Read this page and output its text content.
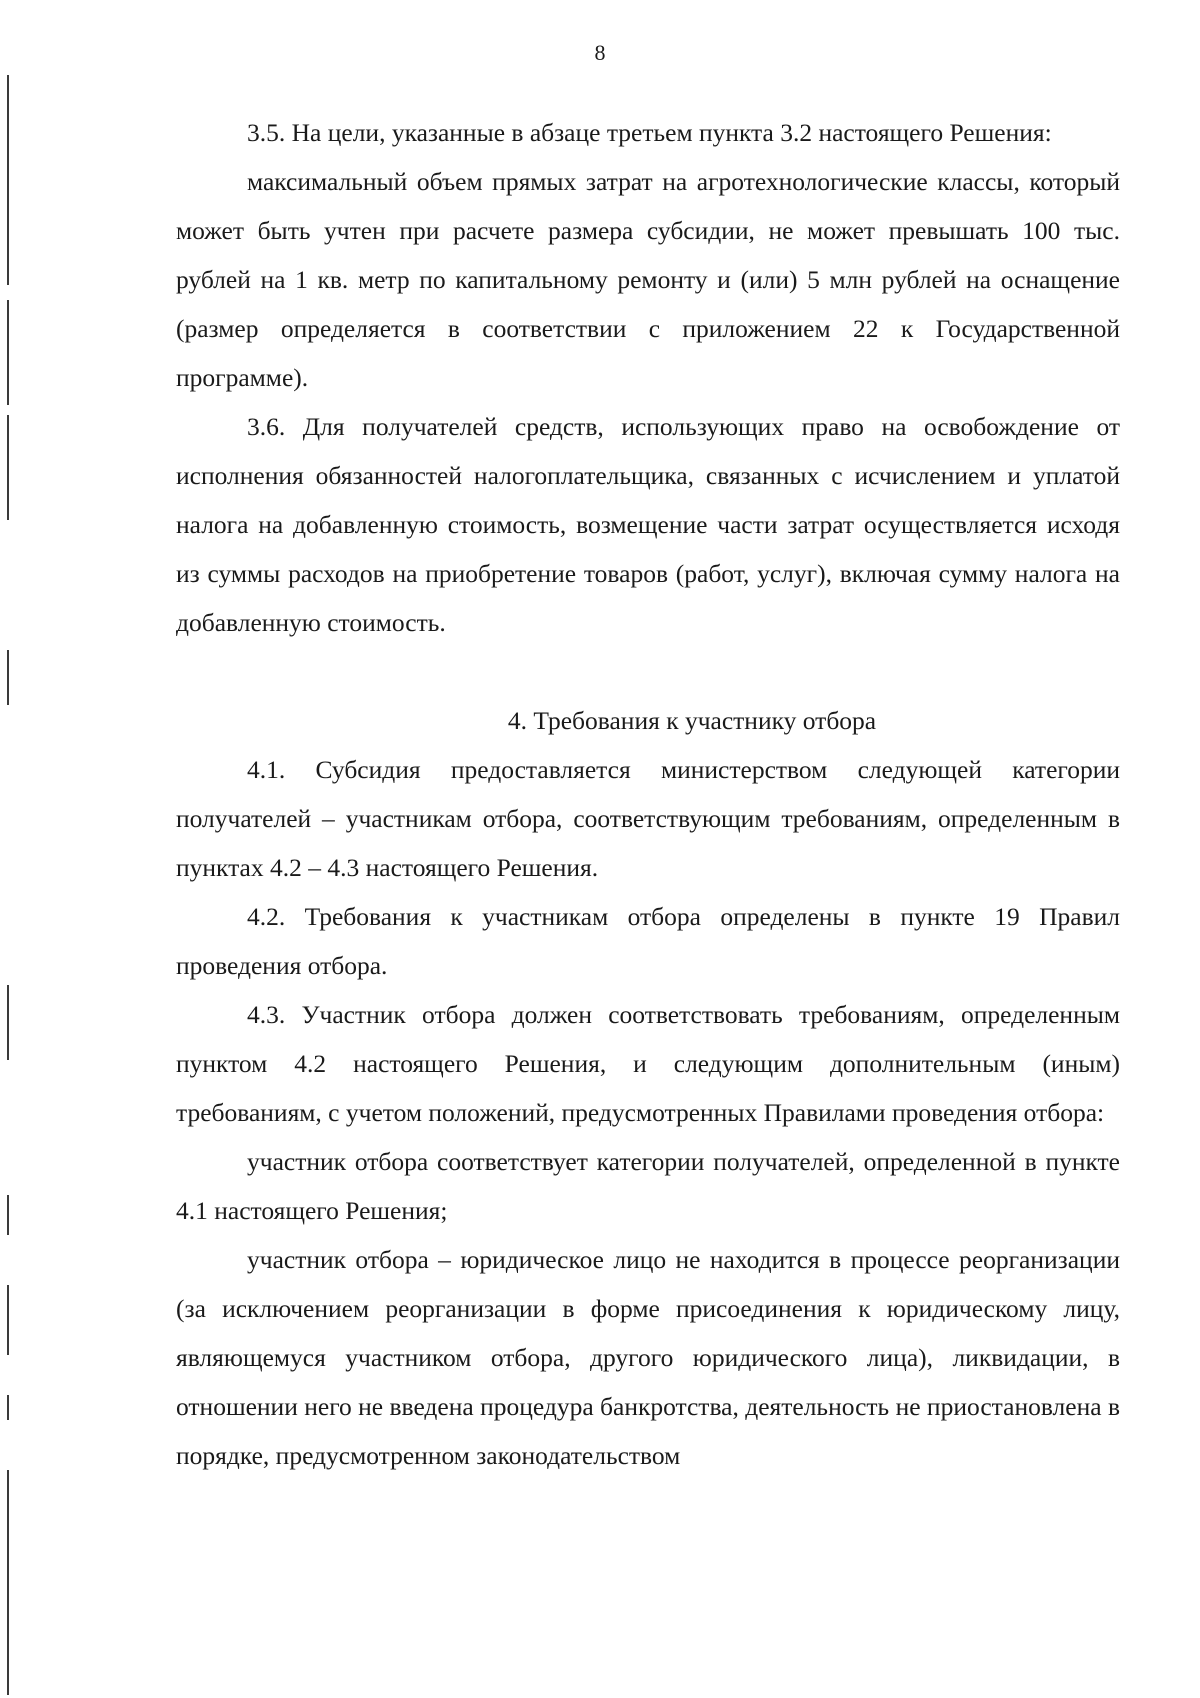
8

3.5. На цели, указанные в абзаце третьем пункта 3.2 настоящего Решения:

максимальный объем прямых затрат на агротехнологические классы, который может быть учтен при расчете размера субсидии, не может превышать 100 тыс. рублей на 1 кв. метр по капитальному ремонту и (или) 5 млн рублей на оснащение (размер определяется в соответствии с приложением 22 к Государственной программе).

3.6. Для получателей средств, использующих право на освобождение от исполнения обязанностей налогоплательщика, связанных с исчислением и уплатой налога на добавленную стоимость, возмещение части затрат осуществляется исходя из суммы расходов на приобретение товаров (работ, услуг), включая сумму налога на добавленную стоимость.

4. Требования к участнику отбора

4.1. Субсидия предоставляется министерством следующей категории получателей – участникам отбора, соответствующим требованиям, определенным в пунктах 4.2 – 4.3 настоящего Решения.

4.2. Требования к участникам отбора определены в пункте 19 Правил проведения отбора.

4.3. Участник отбора должен соответствовать требованиям, определенным пунктом 4.2 настоящего Решения, и следующим дополнительным (иным) требованиям, с учетом положений, предусмотренных Правилами проведения отбора:

участник отбора соответствует категории получателей, определенной в пункте 4.1 настоящего Решения;

участник отбора – юридическое лицо не находится в процессе реорганизации (за исключением реорганизации в форме присоединения к юридическому лицу, являющемуся участником отбора, другого юридического лица), ликвидации, в отношении него не введена процедура банкротства, деятельность не приостановлена в порядке, предусмотренном законодательством
